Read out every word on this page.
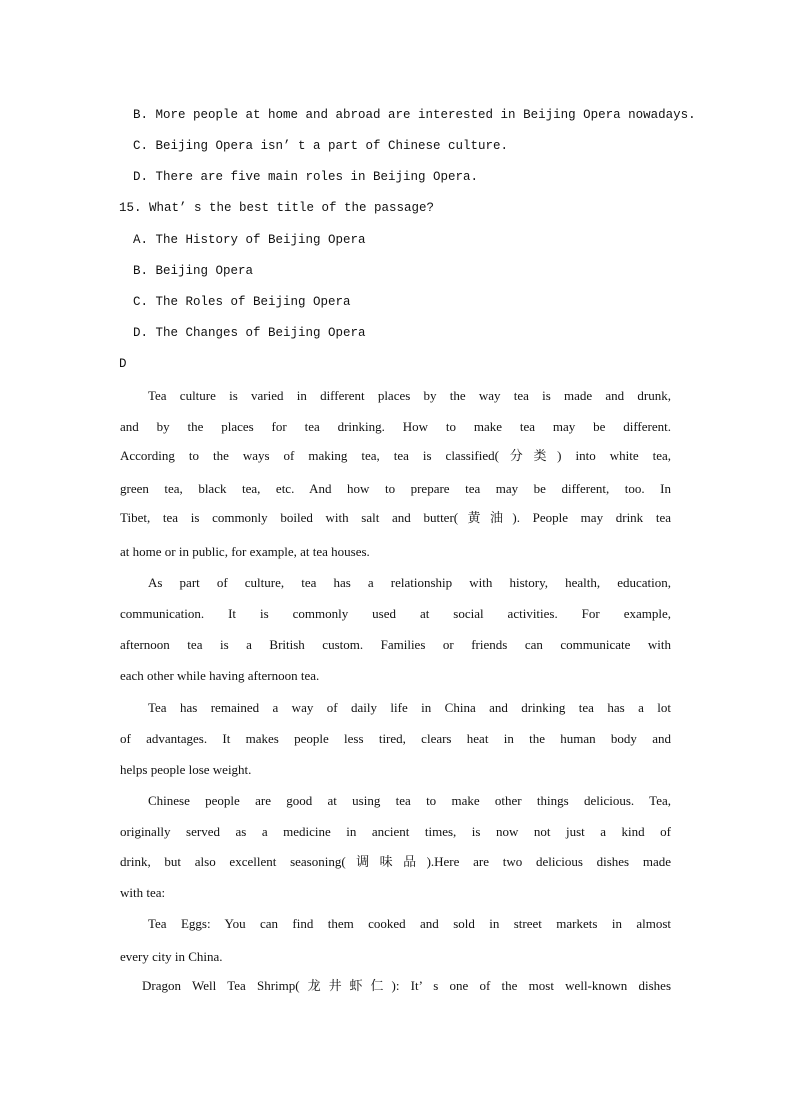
B. More people at home and abroad are interested in Beijing Opera nowadays.
C. Beijing Opera isn’ t a part of Chinese culture.
D. There are five main roles in Beijing Opera.
15. What’ s the best title of the passage?
A. The History of Beijing Opera
B. Beijing Opera
C. The Roles of Beijing Opera
D. The Changes of Beijing Opera
D
Tea culture is varied in different places by the way tea is made and drunk,
and by the places for tea drinking. How to make tea may be different.
According to the ways of making tea, tea is classified(分类) into white tea,
green tea, black tea, etc. And how to prepare tea may be different, too. In
Tibet, tea is commonly boiled with salt and butter(黄油). People may drink tea
at home or in public, for example, at tea houses.
As part of culture, tea has a relationship with history, health, education,
communication. It is commonly used at social activities. For example,
afternoon tea is a British custom. Families or friends can communicate with
each other while having afternoon tea.
Tea has remained a way of daily life in China and drinking tea has a lot
of advantages. It makes people less tired, clears heat in the human body and
helps people lose weight.
Chinese people are good at using tea to make other things delicious. Tea,
originally served as a medicine in ancient times, is now not just a kind of
drink, but also excellent seasoning(调味品).Here are two delicious dishes made
with tea:
Tea Eggs: You can find them cooked and sold in street markets in almost
every city in China.
Dragon Well Tea Shrimp(龙井虾仁): It’ s one of the most well-known dishes
